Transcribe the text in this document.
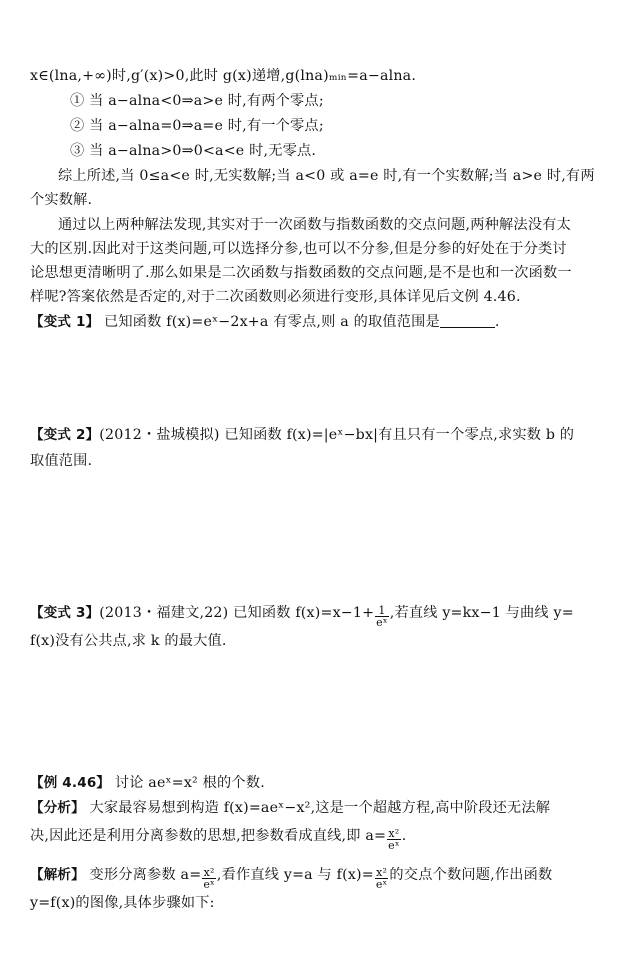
x∈(lna,+∞)时,g′(x)>0,此时 g(x)递增,g(lna)ₘᵢₙ=a−alna.
① 当 a−alna<0⇒a>e 时,有两个零点;
② 当 a−alna=0⇒a=e 时,有一个零点;
③ 当 a−alna>0⇒0<a<e 时,无零点.
综上所述,当 0≤a<e 时,无实数解;当 a<0 或 a=e 时,有一个实数解;当 a>e 时,有两
个实数解.
通过以上两种解法发现,其实对于一次函数与指数函数的交点问题,两种解法没有太
大的区别.因此对于这类问题,可以选择分参,也可以不分参,但是分参的好处在于分类讨
论思想更清晰明了.那么如果是二次函数与指数函数的交点问题,是不是也和一次函数一
样呢?答案依然是否定的,对于二次函数则必须进行变形,具体详见后文例 4.46.
【变式 1】 已知函数 f(x)=eˣ−2x+a 有零点,则 a 的取值范围是	.
【变式 2】(2012・盐城模拟) 已知函数 f(x)=|eˣ−bx|有且只有一个零点,求实数 b 的
取值范围.
【变式 3】(2013・福建文,22) 已知函数 $f(x)=x-1+ \frac{1}{\text{eˣ}}$ ,若直线 y=kx−1 与曲线 y=
f(x)没有公共点,求 k 的最大值.
【例 4.46】 讨论 aeˣ=x² 根的个数.
【分析】 大家最容易想到构造 f(x)=aeˣ−x²,这是一个超越方程,高中阶段还无法解
决,因此还是利用分离参数的思想,把参数看成直线,即 $a= \frac{\text{x²}}{\text{eˣ}}$ .
【解析】 变形分离参数 $a= \frac{\text{x²}}{\text{eˣ}}$ ,看作直线 y=a 与 $f(x)= \frac{\text{x²}}{\text{eˣ}}$ 的交点个数问题,作出函数
y=f(x)的图像,具体步骤如下:
